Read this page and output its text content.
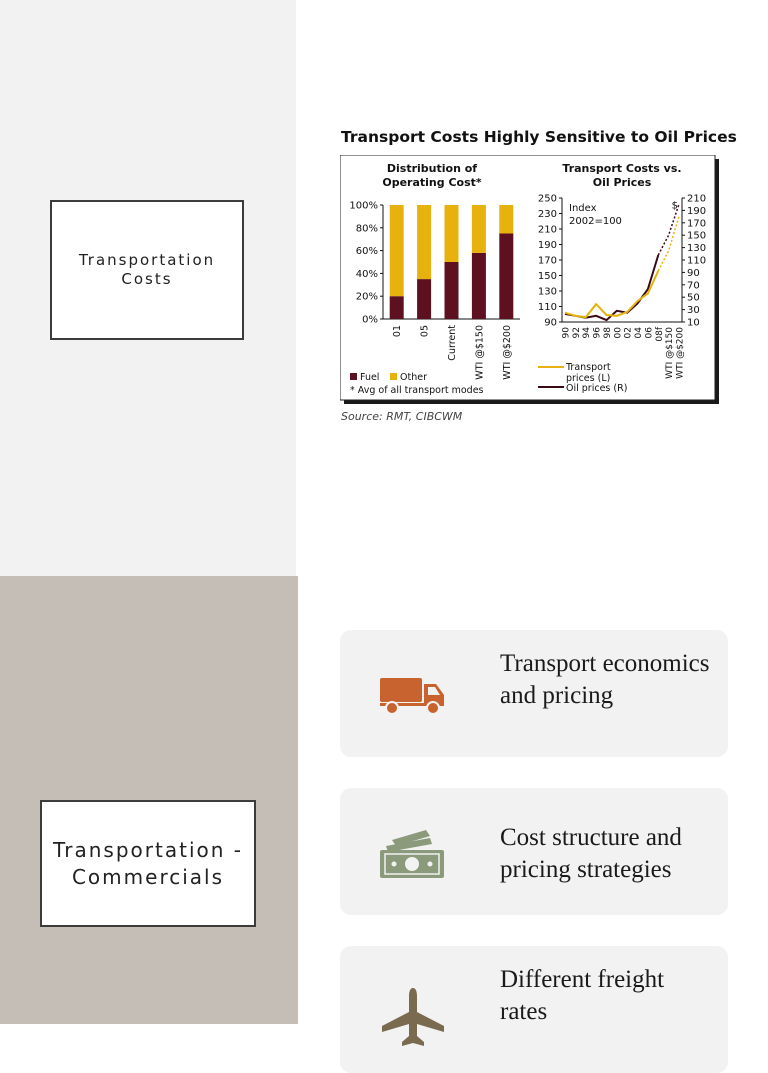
Transportation Costs
Transport Costs Highly Sensitive to Oil Prices
Distribution of
Operating Cost*
0%
20%
40%
60%
80%
100%
01 05 Current WTI @$150 WTI @$200
Fuel Other
* Avg of all transport modes
Transport Costs vs.
Oil Prices
90
110
130
150
170
190
210
230
250
10
30
50
70
90
110
130
150
170
190
210
$
Index
2002=100
90 92 94 96 98 00 02 04 06 08f WTI @$150 WTI @$200
Transport
prices (L)
Oil prices (R)
Source: RMT, CIBCWM
Transportation - Commercials
Transport economics and pricing
Cost structure and pricing strategies
Different freight rates
